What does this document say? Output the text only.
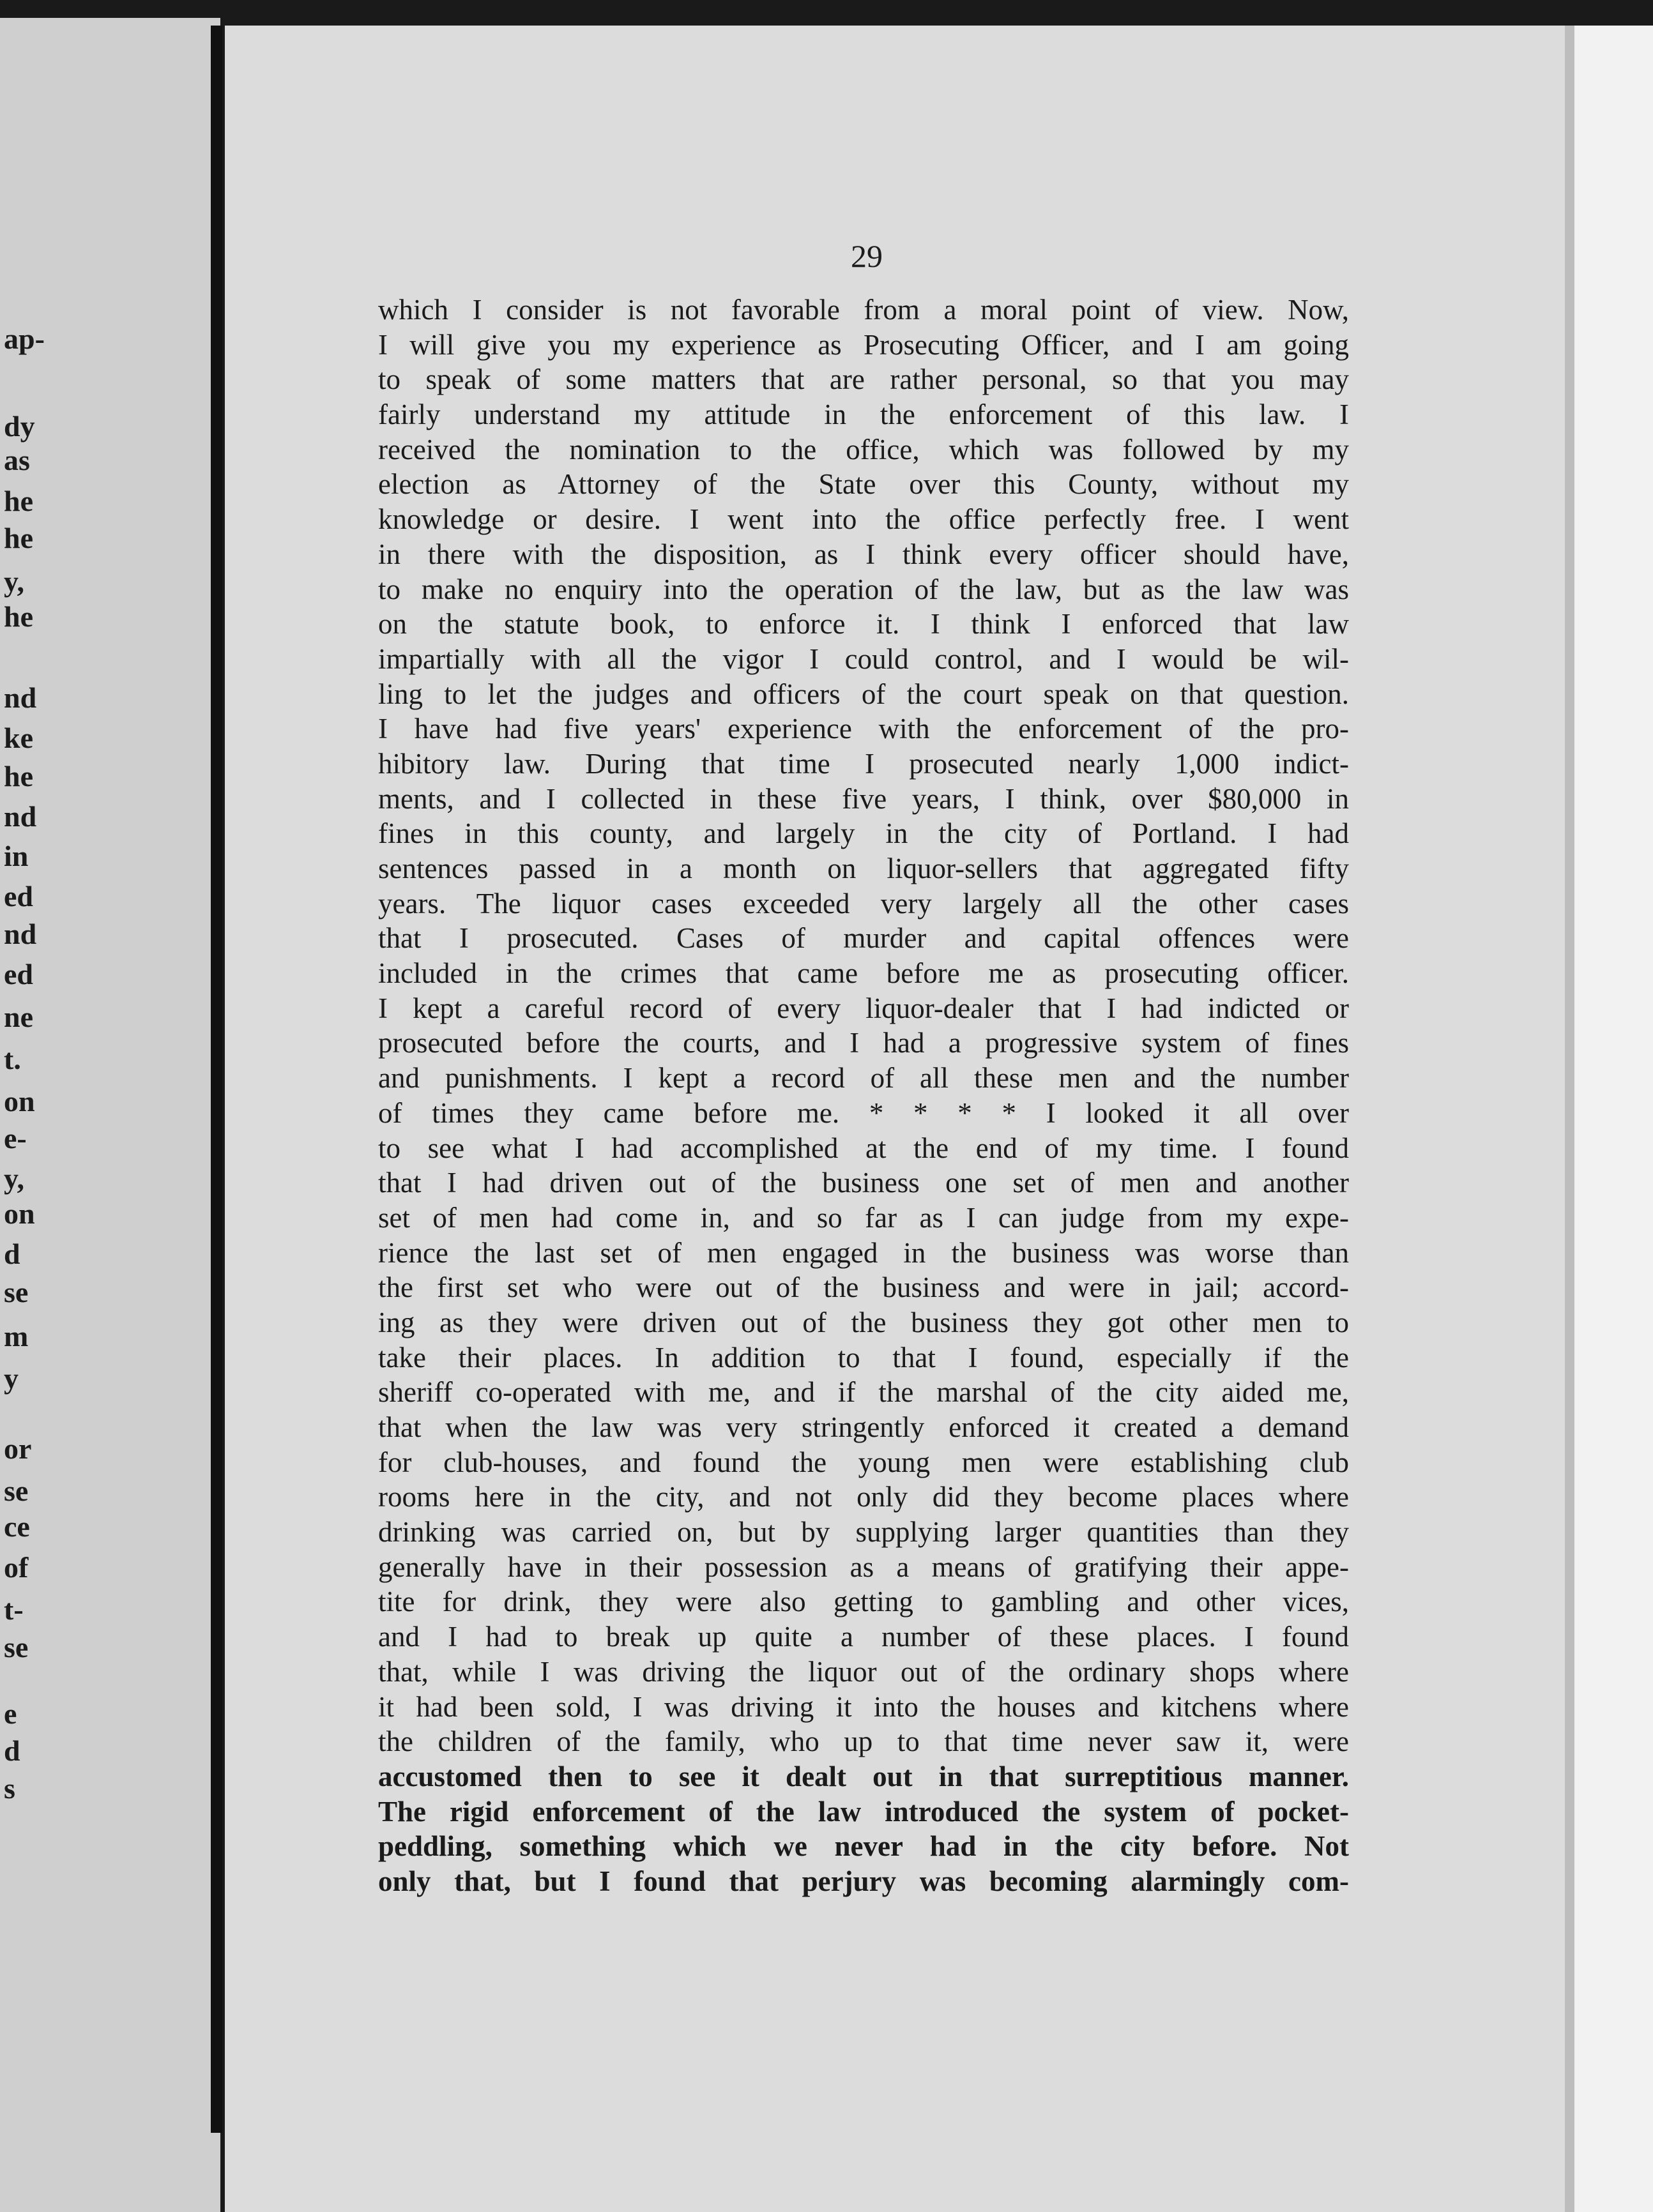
ap-
dy
as
he
he
y,
he
nd
ke
he
nd
in
ed
nd
ed
ne
t.
on
e-
y,
on
d
se
m
y
or
se
ce
of
t-
se
e
d
s
29
which I consider is not favorable from a moral point of view. Now,
I will give you my experience as Prosecuting Officer, and I am going
to speak of some matters that are rather personal, so that you may
fairly understand my attitude in the enforcement of this law. I
received the nomination to the office, which was followed by my
election as Attorney of the State over this County, without my
knowledge or desire. I went into the office perfectly free. I went
in there with the disposition, as I think every officer should have,
to make no enquiry into the operation of the law, but as the law was
on the statute book, to enforce it. I think I enforced that law
impartially with all the vigor I could control, and I would be wil-
ling to let the judges and officers of the court speak on that question.
I have had five years' experience with the enforcement of the pro-
hibitory law. During that time I prosecuted nearly 1,000 indict-
ments, and I collected in these five years, I think, over $80,000 in
fines in this county, and largely in the city of Portland. I had
sentences passed in a month on liquor-sellers that aggregated fifty
years. The liquor cases exceeded very largely all the other cases
that I prosecuted. Cases of murder and capital offences were
included in the crimes that came before me as prosecuting officer.
I kept a careful record of every liquor-dealer that I had indicted or
prosecuted before the courts, and I had a progressive system of fines
and punishments. I kept a record of all these men and the number
of times they came before me. * * * * I looked it all over
to see what I had accomplished at the end of my time. I found
that I had driven out of the business one set of men and another
set of men had come in, and so far as I can judge from my expe-
rience the last set of men engaged in the business was worse than
the first set who were out of the business and were in jail; accord-
ing as they were driven out of the business they got other men to
take their places. In addition to that I found, especially if the
sheriff co-operated with me, and if the marshal of the city aided me,
that when the law was very stringently enforced it created a demand
for club-houses, and found the young men were establishing club
rooms here in the city, and not only did they become places where
drinking was carried on, but by supplying larger quantities than they
generally have in their possession as a means of gratifying their appe-
tite for drink, they were also getting to gambling and other vices,
and I had to break up quite a number of these places. I found
that, while I was driving the liquor out of the ordinary shops where
it had been sold, I was driving it into the houses and kitchens where
the children of the family, who up to that time never saw it, were
accustomed then to see it dealt out in that surreptitious manner.
The rigid enforcement of the law introduced the system of pocket-
peddling, something which we never had in the city before. Not
only that, but I found that perjury was becoming alarmingly com-
